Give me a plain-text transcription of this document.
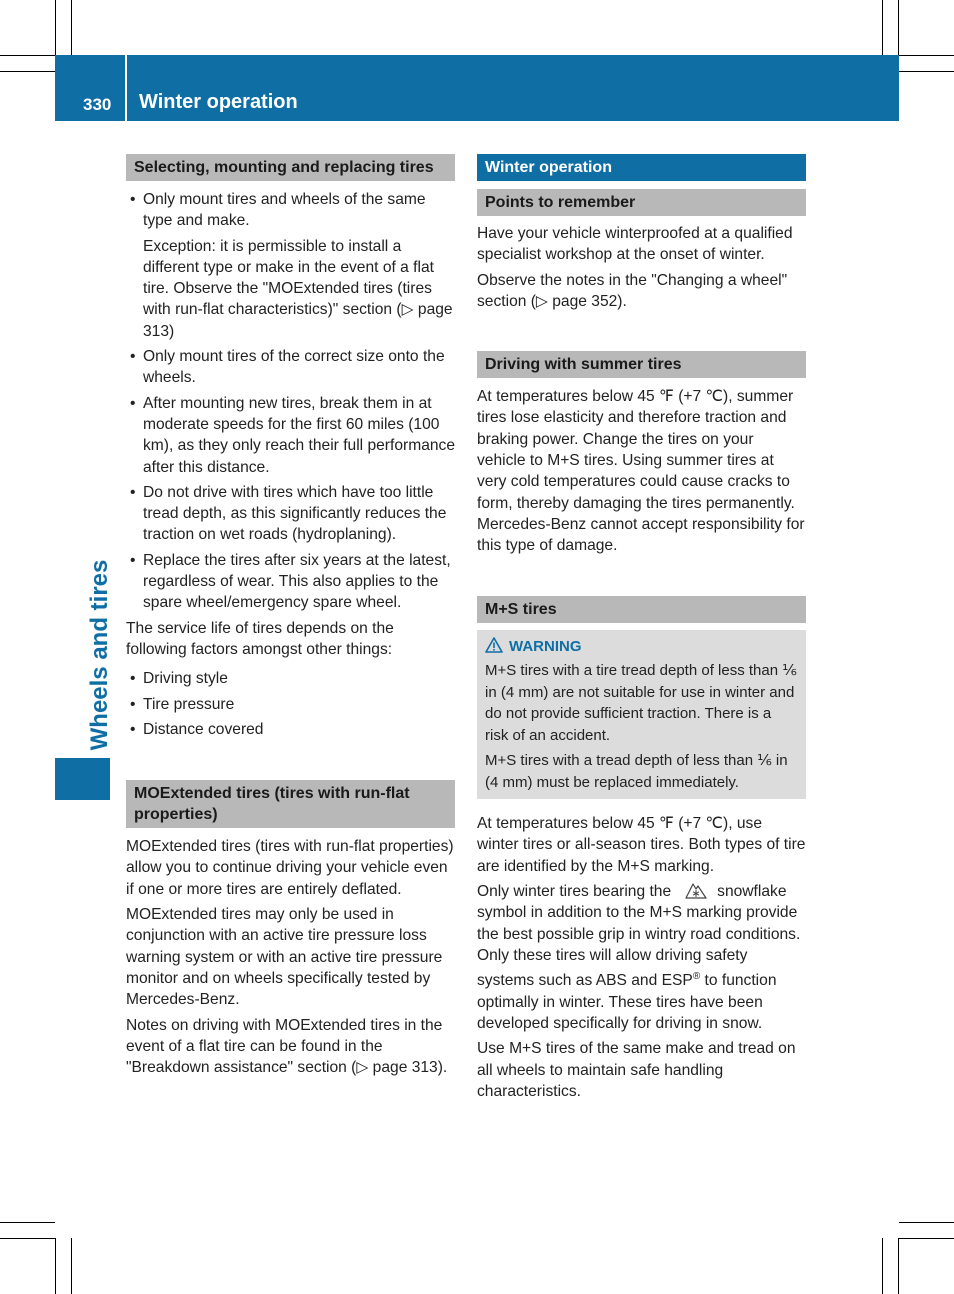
330 Winter operation
Wheels and tires
Selecting, mounting and replacing tires
• Only mount tires and wheels of the same type and make.
Exception: it is permissible to install a different type or make in the event of a flat tire. Observe the "MOExtended tires (tires with run-flat characteristics)" section (▷ page 313)
• Only mount tires of the correct size onto the wheels.
• After mounting new tires, break them in at moderate speeds for the first 60 miles (100 km), as they only reach their full performance after this distance.
• Do not drive with tires which have too little tread depth, as this significantly reduces the traction on wet roads (hydroplaning).
• Replace the tires after six years at the latest, regardless of wear. This also applies to the spare wheel/emergency spare wheel.

The service life of tires depends on the following factors amongst other things:

• Driving style
• Tire pressure
• Distance covered
MOExtended tires (tires with run-flat properties)

MOExtended tires (tires with run-flat properties) allow you to continue driving your vehicle even if one or more tires are entirely deflated.

MOExtended tires may only be used in conjunction with an active tire pressure loss warning system or with an active tire pressure monitor and on wheels specifically tested by Mercedes-Benz.

Notes on driving with MOExtended tires in the event of a flat tire can be found in the "Breakdown assistance" section (▷ page 313).

Winter operation
Points to remember

Have your vehicle winterproofed at a qualified specialist workshop at the onset of winter.

Observe the notes in the "Changing a wheel" section (▷ page 352).

Driving with summer tires

At temperatures below 45 ℉ (+7 ℃), summer tires lose elasticity and therefore traction and braking power. Change the tires on your vehicle to M+S tires. Using summer tires at very cold temperatures could cause cracks to form, thereby damaging the tires permanently. Mercedes-Benz cannot accept responsibility for this type of damage.

M+S tires
WARNING

M+S tires with a tire tread depth of less than ⅙ in (4 mm) are not suitable for use in winter and do not provide sufficient traction. There is a risk of an accident.

M+S tires with a tread depth of less than ⅙ in (4 mm) must be replaced immediately.

At temperatures below 45 ℉ (+7 ℃), use winter tires or all-season tires. Both types of tire are identified by the M+S marking.

Only winter tires bearing the	snowflake symbol in addition to the M+S marking provide the best possible grip in wintry road conditions. Only these tires will allow driving safety systems such as ABS and ESP® to function optimally in winter. These tires have been developed specifically for driving in snow.

Use M+S tires of the same make and tread on all wheels to maintain safe handling characteristics.
